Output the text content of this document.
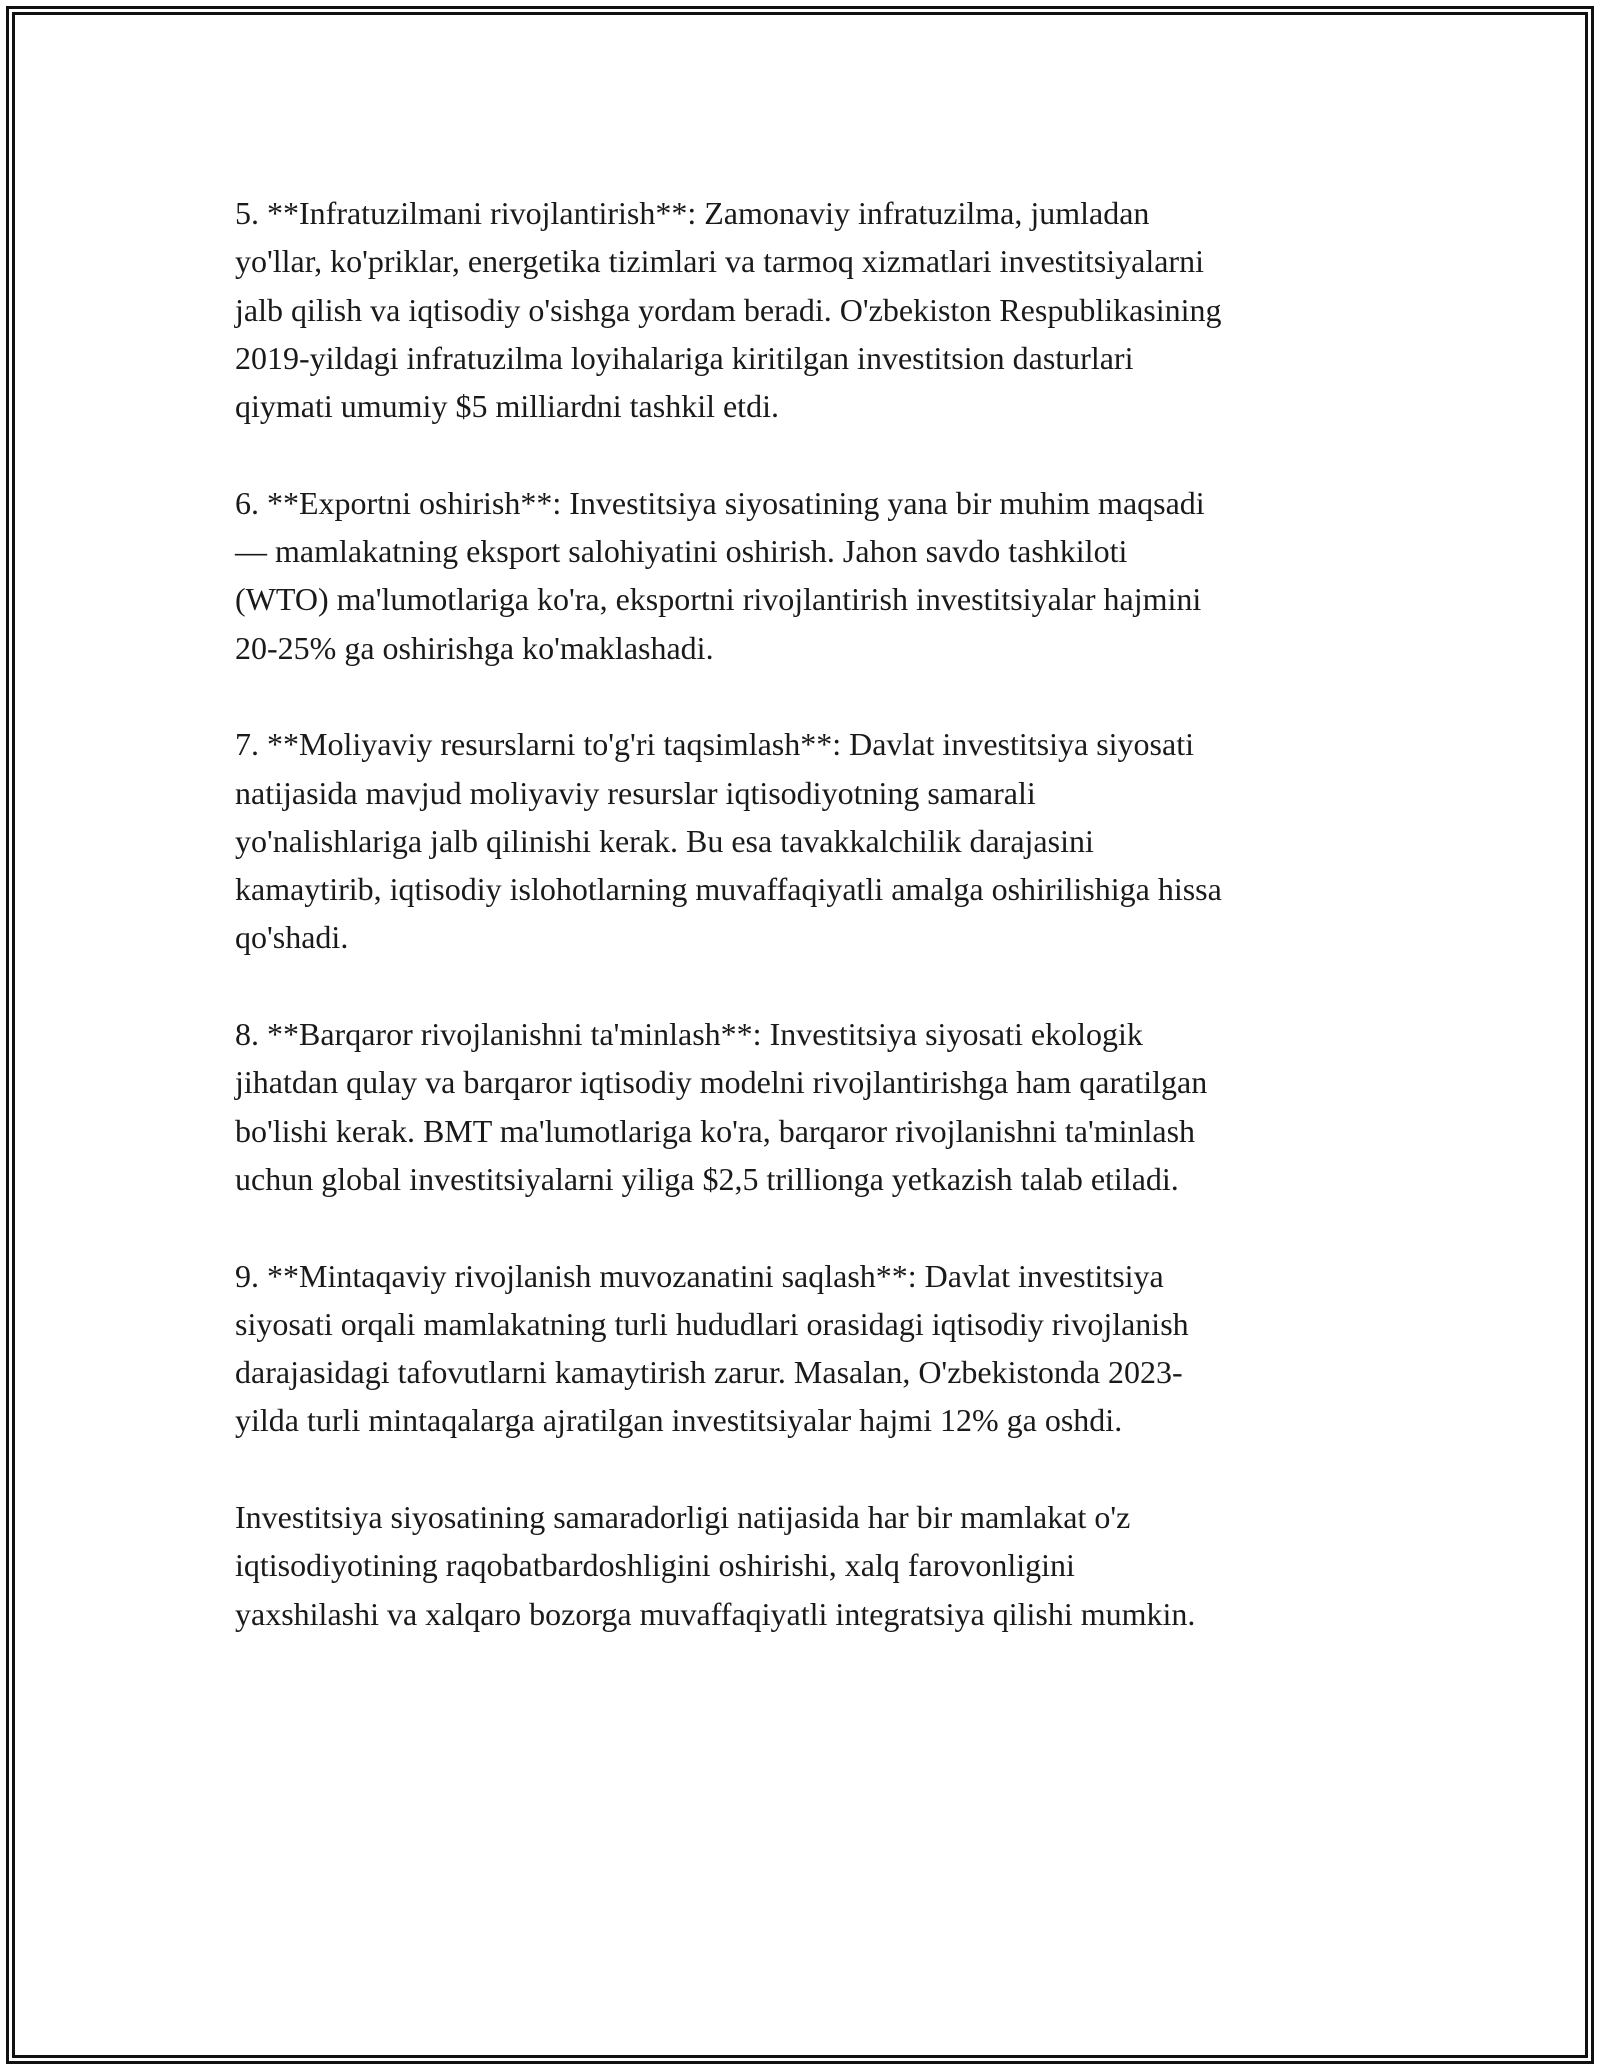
5. **Infratuzilmani rivojlantirish**: Zamonaviy infratuzilma, jumladan
yo'llar, ko'priklar, energetika tizimlari va tarmoq xizmatlari investitsiyalarni
jalb qilish va iqtisodiy o'sishga yordam beradi. O'zbekiston Respublikasining
2019-yildagi infratuzilma loyihalariga kiritilgan investitsion dasturlari
qiymati umumiy $5 milliardni tashkil etdi.

6. **Exportni oshirish**: Investitsiya siyosatining yana bir muhim maqsadi
— mamlakatning eksport salohiyatini oshirish. Jahon savdo tashkiloti
(WTO) ma'lumotlariga ko'ra, eksportni rivojlantirish investitsiyalar hajmini
20-25% ga oshirishga ko'maklashadi.

7. **Moliyaviy resurslarni to'g'ri taqsimlash**: Davlat investitsiya siyosati
natijasida mavjud moliyaviy resurslar iqtisodiyotning samarali
yo'nalishlariga jalb qilinishi kerak. Bu esa tavakkalchilik darajasini
kamaytirib, iqtisodiy islohotlarning muvaffaqiyatli amalga oshirilishiga hissa
qo'shadi.

8. **Barqaror rivojlanishni ta'minlash**: Investitsiya siyosati ekologik
jihatdan qulay va barqaror iqtisodiy modelni rivojlantirishga ham qaratilgan
bo'lishi kerak. BMT ma'lumotlariga ko'ra, barqaror rivojlanishni ta'minlash
uchun global investitsiyalarni yiliga $2,5 trillionga yetkazish talab etiladi.

9. **Mintaqaviy rivojlanish muvozanatini saqlash**: Davlat investitsiya
siyosati orqali mamlakatning turli hududlari orasidagi iqtisodiy rivojlanish
darajasidagi tafovutlarni kamaytirish zarur. Masalan, O'zbekistonda 2023-
yilda turli mintaqalarga ajratilgan investitsiyalar hajmi 12% ga oshdi.

Investitsiya siyosatining samaradorligi natijasida har bir mamlakat o'z
iqtisodiyotining raqobatbardoshligini oshirishi, xalq farovonligini
yaxshilashi va xalqaro bozorga muvaffaqiyatli integratsiya qilishi mumkin.
